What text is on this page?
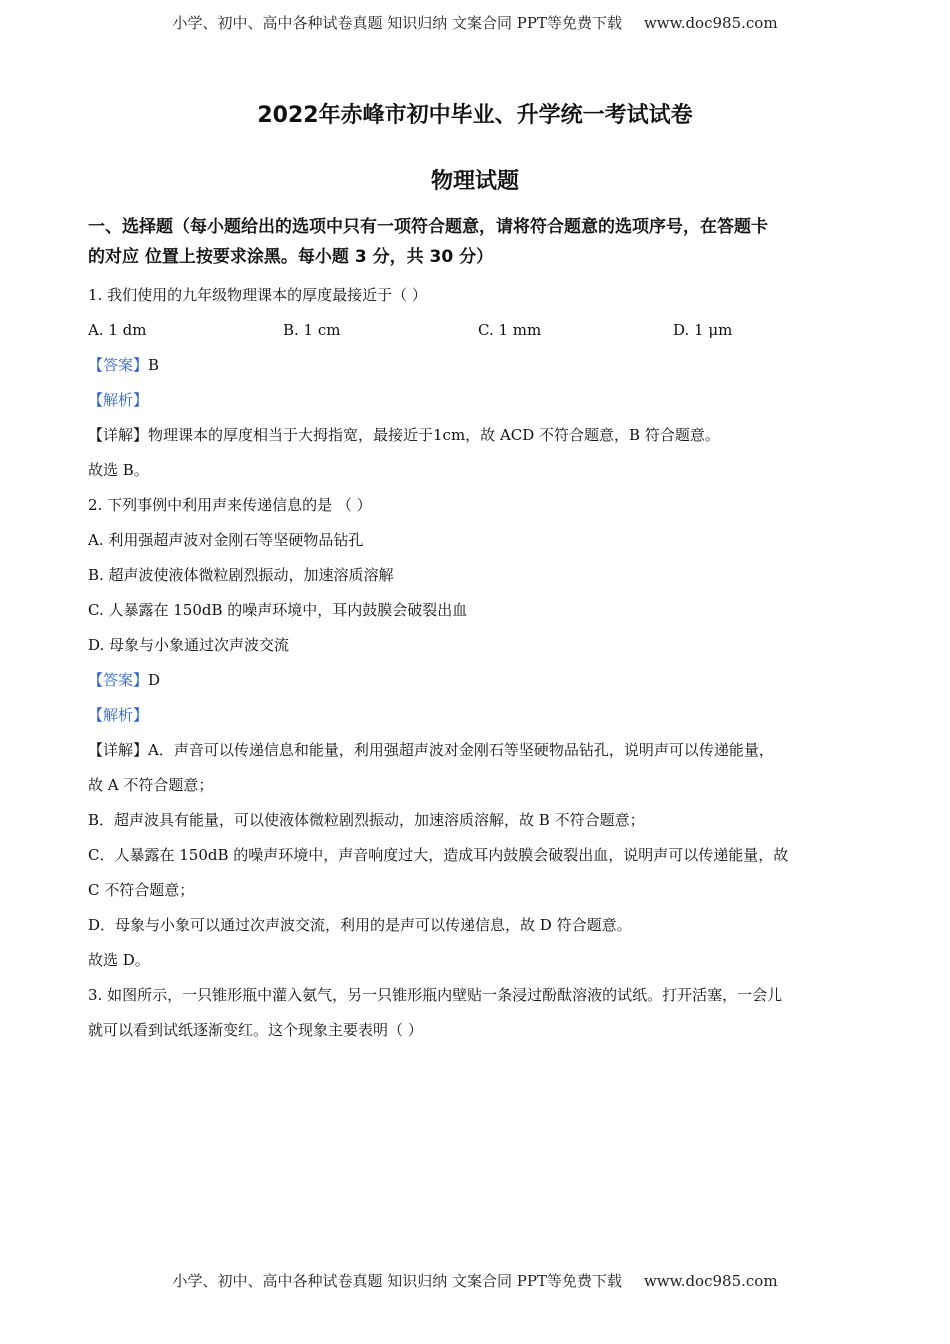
小学、初中、高中各种试卷真题 知识归纳 文案合同 PPT等免费下载 www.doc985.com
2022年赤峰市初中毕业、升学统一考试试卷
物理试题
一、选择题（每小题给出的选项中只有一项符合题意，请将符合题意的选项序号，在答题卡
的对应 位置上按要求涂黑。每小题 3 分，共 30 分）
1. 我们使用的九年级物理课本的厚度最接近于（ ）
A. 1 dm	B. 1 cm	C. 1 mm	D. 1 μm
【答案】B
【解析】
【详解】物理课本的厚度相当于大拇指宽，最接近于1cm，故 ACD 不符合题意，B 符合题意。
故选 B。
2. 下列事例中利用声来传递信息的是 （ ）
A. 利用强超声波对金刚石等坚硬物品钻孔
B. 超声波使液体微粒剧烈振动，加速溶质溶解
C. 人暴露在 150dB 的噪声环境中，耳内鼓膜会破裂出血
D. 母象与小象通过次声波交流
【答案】D
【解析】
【详解】A．声音可以传递信息和能量，利用强超声波对金刚石等坚硬物品钻孔，说明声可以传递能量，
故 A 不符合题意；
B．超声波具有能量，可以使液体微粒剧烈振动，加速溶质溶解，故 B 不符合题意；
C．人暴露在 150dB 的噪声环境中，声音响度过大，造成耳内鼓膜会破裂出血，说明声可以传递能量，故
C 不符合题意；
D．母象与小象可以通过次声波交流，利用的是声可以传递信息，故 D 符合题意。
故选 D。
3. 如图所示，一只锥形瓶中灌入氨气，另一只锥形瓶内壁贴一条浸过酚酞溶液的试纸。打开活塞，一会儿
就可以看到试纸逐渐变红。这个现象主要表明（ ）
小学、初中、高中各种试卷真题 知识归纳 文案合同 PPT等免费下载 www.doc985.com
